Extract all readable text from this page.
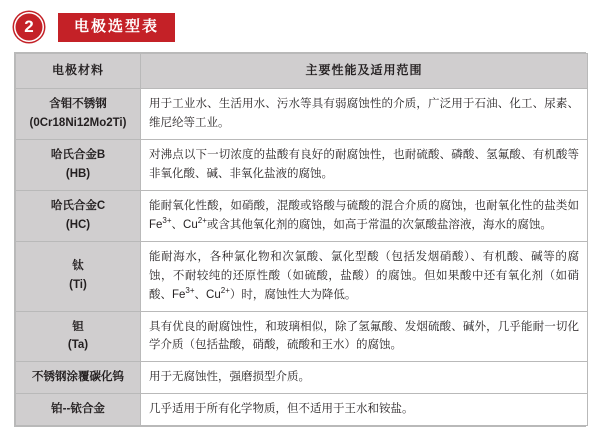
2	电极选型表
电极材料	主要性能及适用范围

含钼不锈钢
(0Cr18Ni12Mo2Ti)	用于工业水、生活用水、污水等具有弱腐蚀性的介质，广泛用于石油、化工、尿素、维尼纶等工业。

哈氏合金B
(HB)	对沸点以下一切浓度的盐酸有良好的耐腐蚀性，也耐硫酸、磷酸、氢氟酸、有机酸等非氧化酸、碱、非氧化盐液的腐蚀。

哈氏合金C
(HC)	能耐氧化性酸，如硝酸，混酸或铬酸与硫酸的混合介质的腐蚀，也耐氧化性的盐类如$Fe^{3+}$、$Cu^{2+}$或含其他氧化剂的腐蚀，如高于常温的次氯酸盐溶液，海水的腐蚀。

钛
(Ti)	能耐海水，各种氯化物和次氯酸、氯化型酸（包括发烟硝酸）、有机酸、碱等的腐蚀，不耐较纯的还原性酸（如硫酸，盐酸）的腐蚀。但如果酸中还有氧化剂（如硝酸、$Fe^{3+}$、$Cu^{2+}$）时，腐蚀性大为降低。

钽
(Ta)	具有优良的耐腐蚀性，和玻璃相似，除了氢氟酸、发烟硫酸、碱外，几乎能耐一切化学介质（包括盐酸，硝酸，硫酸和王水）的腐蚀。

不锈钢涂覆碳化钨	用于无腐蚀性，强磨损型介质。

铂--铱合金	几乎适用于所有化学物质，但不适用于王水和铵盐。
